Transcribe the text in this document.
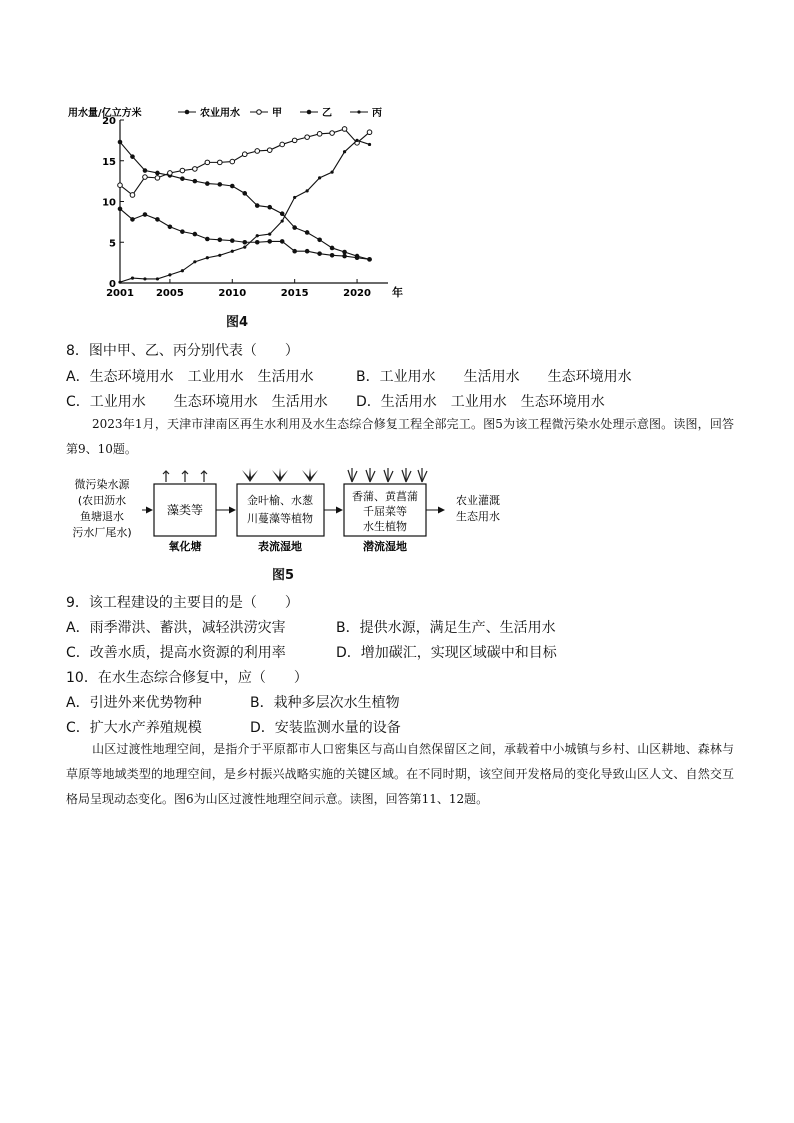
用水量/亿立方米	农业用水	甲	乙	丙
0
5
10
15
20
2001 2005	2010	2015	2020 年
图4
8．图中甲、乙、丙分别代表（　　）
A．生态环境用水　工业用水　生活用水	B．工业用水　　生活用水　　生态环境用水
C．工业用水　　生态环境用水　生活用水 D．生活用水　工业用水　生态环境用水
2023年1月，天津市津南区再生水利用及水生态综合修复工程全部完工。图5为该工程微污染水处理示意图。读图，回答第9、10题。
微污染水源
(农田沥水
鱼塘退水
污水厂尾水)
藻类等
氧化塘
金叶榆、水葱
川蔓藻等植物
表流湿地
香蒲、黄菖蒲
千屈菜等
水生植物
潜流湿地
农业灌溉
生态用水
图5
9．该工程建设的主要目的是（　　）
A．雨季滞洪、蓄洪，减轻洪涝灾害	B．提供水源，满足生产、生活用水
C．改善水质，提高水资源的利用率	D．增加碳汇，实现区域碳中和目标
10．在水生态综合修复中，应（　　）
A．引进外来优势物种	B．栽种多层次水生植物
C．扩大水产养殖规模	D．安装监测水量的设备
山区过渡性地理空间，是指介于平原都市人口密集区与高山自然保留区之间，承载着中小城镇与乡村、山区耕地、森林与草原等地域类型的地理空间，是乡村振兴战略实施的关键区域。在不同时期，该空间开发格局的变化导致山区人文、自然交互格局呈现动态变化。图6为山区过渡性地理空间示意。读图，回答第11、12题。
